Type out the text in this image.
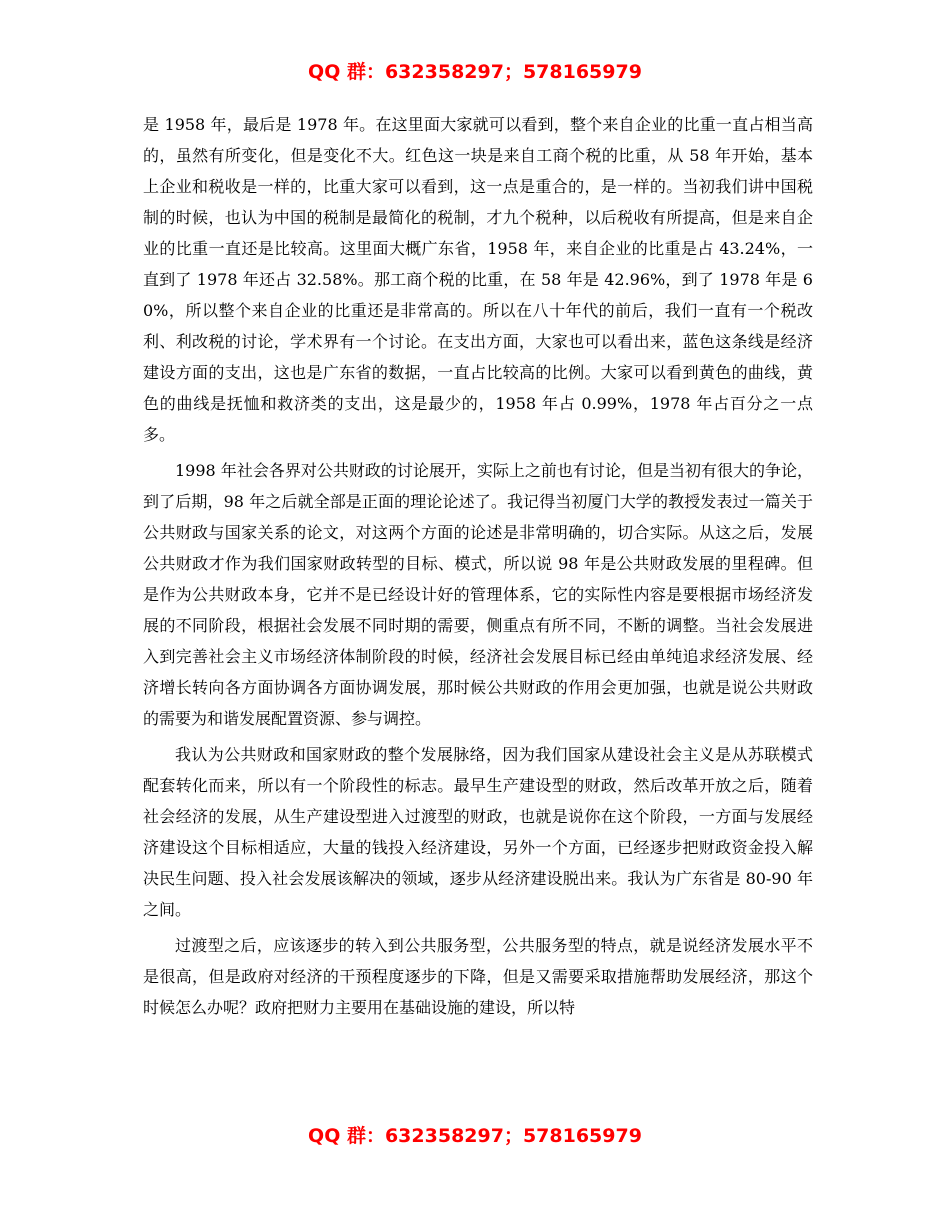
QQ 群：632358297；578165979

是 1958 年，最后是 1978 年。在这里面大家就可以看到，整个来自企业的比重一直占相当高的，虽然有所变化，但是变化不大。红色这一块是来自工商个税的比重，从 58 年开始，基本上企业和税收是一样的，比重大家可以看到，这一点是重合的，是一样的。当初我们讲中国税制的时候，也认为中国的税制是最简化的税制，才九个税种，以后税收有所提高，但是来自企业的比重一直还是比较高。这里面大概广东省，1958 年，来自企业的比重是占 43.24%，一直到了 1978 年还占 32.58%。那工商个税的比重，在 58 年是 42.96%，到了 1978 年是 60%，所以整个来自企业的比重还是非常高的。所以在八十年代的前后，我们一直有一个税改利、利改税的讨论，学术界有一个讨论。在支出方面，大家也可以看出来，蓝色这条线是经济建设方面的支出，这也是广东省的数据，一直占比较高的比例。大家可以看到黄色的曲线，黄色的曲线是抚恤和救济类的支出，这是最少的，1958 年占 0.99%，1978 年占百分之一点多。

1998 年社会各界对公共财政的讨论展开，实际上之前也有讨论，但是当初有很大的争论，到了后期，98 年之后就全部是正面的理论论述了。我记得当初厦门大学的教授发表过一篇关于公共财政与国家关系的论文，对这两个方面的论述是非常明确的，切合实际。从这之后，发展公共财政才作为我们国家财政转型的目标、模式，所以说 98 年是公共财政发展的里程碑。但是作为公共财政本身，它并不是已经设计好的管理体系，它的实际性内容是要根据市场经济发展的不同阶段，根据社会发展不同时期的需要，侧重点有所不同，不断的调整。当社会发展进入到完善社会主义市场经济体制阶段的时候，经济社会发展目标已经由单纯追求经济发展、经济增长转向各方面协调各方面协调发展，那时候公共财政的作用会更加强，也就是说公共财政的需要为和谐发展配置资源、参与调控。

我认为公共财政和国家财政的整个发展脉络，因为我们国家从建设社会主义是从苏联模式配套转化而来，所以有一个阶段性的标志。最早生产建设型的财政，然后改革开放之后，随着社会经济的发展，从生产建设型进入过渡型的财政，也就是说你在这个阶段，一方面与发展经济建设这个目标相适应，大量的钱投入经济建设，另外一个方面，已经逐步把财政资金投入解决民生问题、投入社会发展该解决的领域，逐步从经济建设脱出来。我认为广东省是 80-90 年之间。

过渡型之后，应该逐步的转入到公共服务型，公共服务型的特点，就是说经济发展水平不是很高，但是政府对经济的干预程度逐步的下降，但是又需要采取措施帮助发展经济，那这个时候怎么办呢？政府把财力主要用在基础设施的建设，所以特

QQ 群：632358297；578165979
